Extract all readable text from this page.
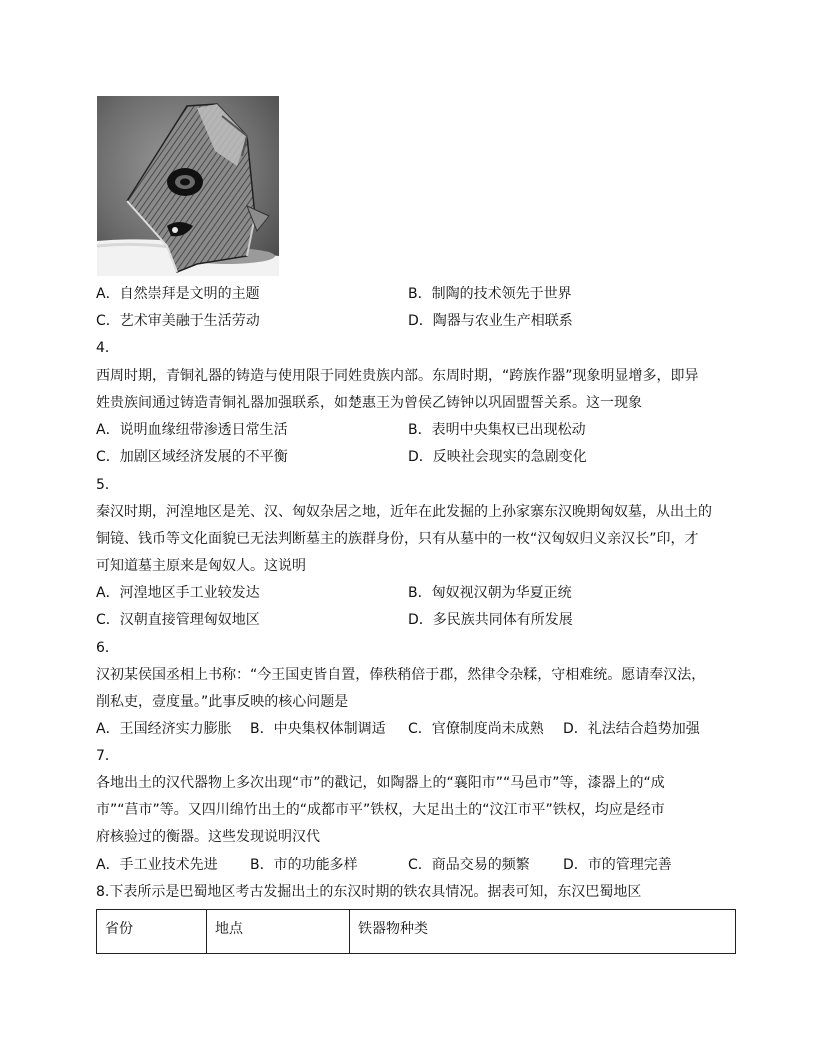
A．自然崇拜是文明的主题	B．制陶的技术领先于世界
C．艺术审美融于生活劳动	D．陶器与农业生产相联系
4．
西周时期，青铜礼器的铸造与使用限于同姓贵族内部。东周时期，“跨族作器”现象明显增多，即异
姓贵族间通过铸造青铜礼器加强联系，如楚惠王为曾侯乙铸钟以巩固盟誓关系。这一现象
A．说明血缘纽带渗透日常生活	B．表明中央集权已出现松动
C．加剧区域经济发展的不平衡	D．反映社会现实的急剧变化
5．
秦汉时期，河湟地区是羌、汉、匈奴杂居之地，近年在此发掘的上孙家寨东汉晚期匈奴墓，从出土的
铜镜、钱币等文化面貌已无法判断墓主的族群身份，只有从墓中的一枚“汉匈奴归义亲汉长”印，才
可知道墓主原来是匈奴人。这说明
A．河湟地区手工业较发达	B．匈奴视汉朝为华夏正统
C．汉朝直接管理匈奴地区	D．多民族共同体有所发展
6．
汉初某侯国丞相上书称：“今王国吏皆自置，俸秩稍倍于郡，然律令杂糅，守相难统。愿请奉汉法，
削私吏，壹度量。”此事反映的核心问题是
A．王国经济实力膨胀 B．中央集权体制调适 C．官僚制度尚未成熟 D．礼法结合趋势加强
7．
各地出土的汉代器物上多次出现“市”的戳记，如陶器上的“襄阳市”“马邑市”等，漆器上的“成
市”“莒市”等。又四川绵竹出土的“成都市平”铁权，大足出土的“汶江市平”铁权，均应是经市
府核验过的衡器。这些发现说明汉代
A．手工业技术先进 B．市的功能多样	C．商品交易的频繁 D．市的管理完善
8.下表所示是巴蜀地区考古发掘出土的东汉时期的铁农具情况。据表可知，东汉巴蜀地区
省份	地点	铁器物种类
